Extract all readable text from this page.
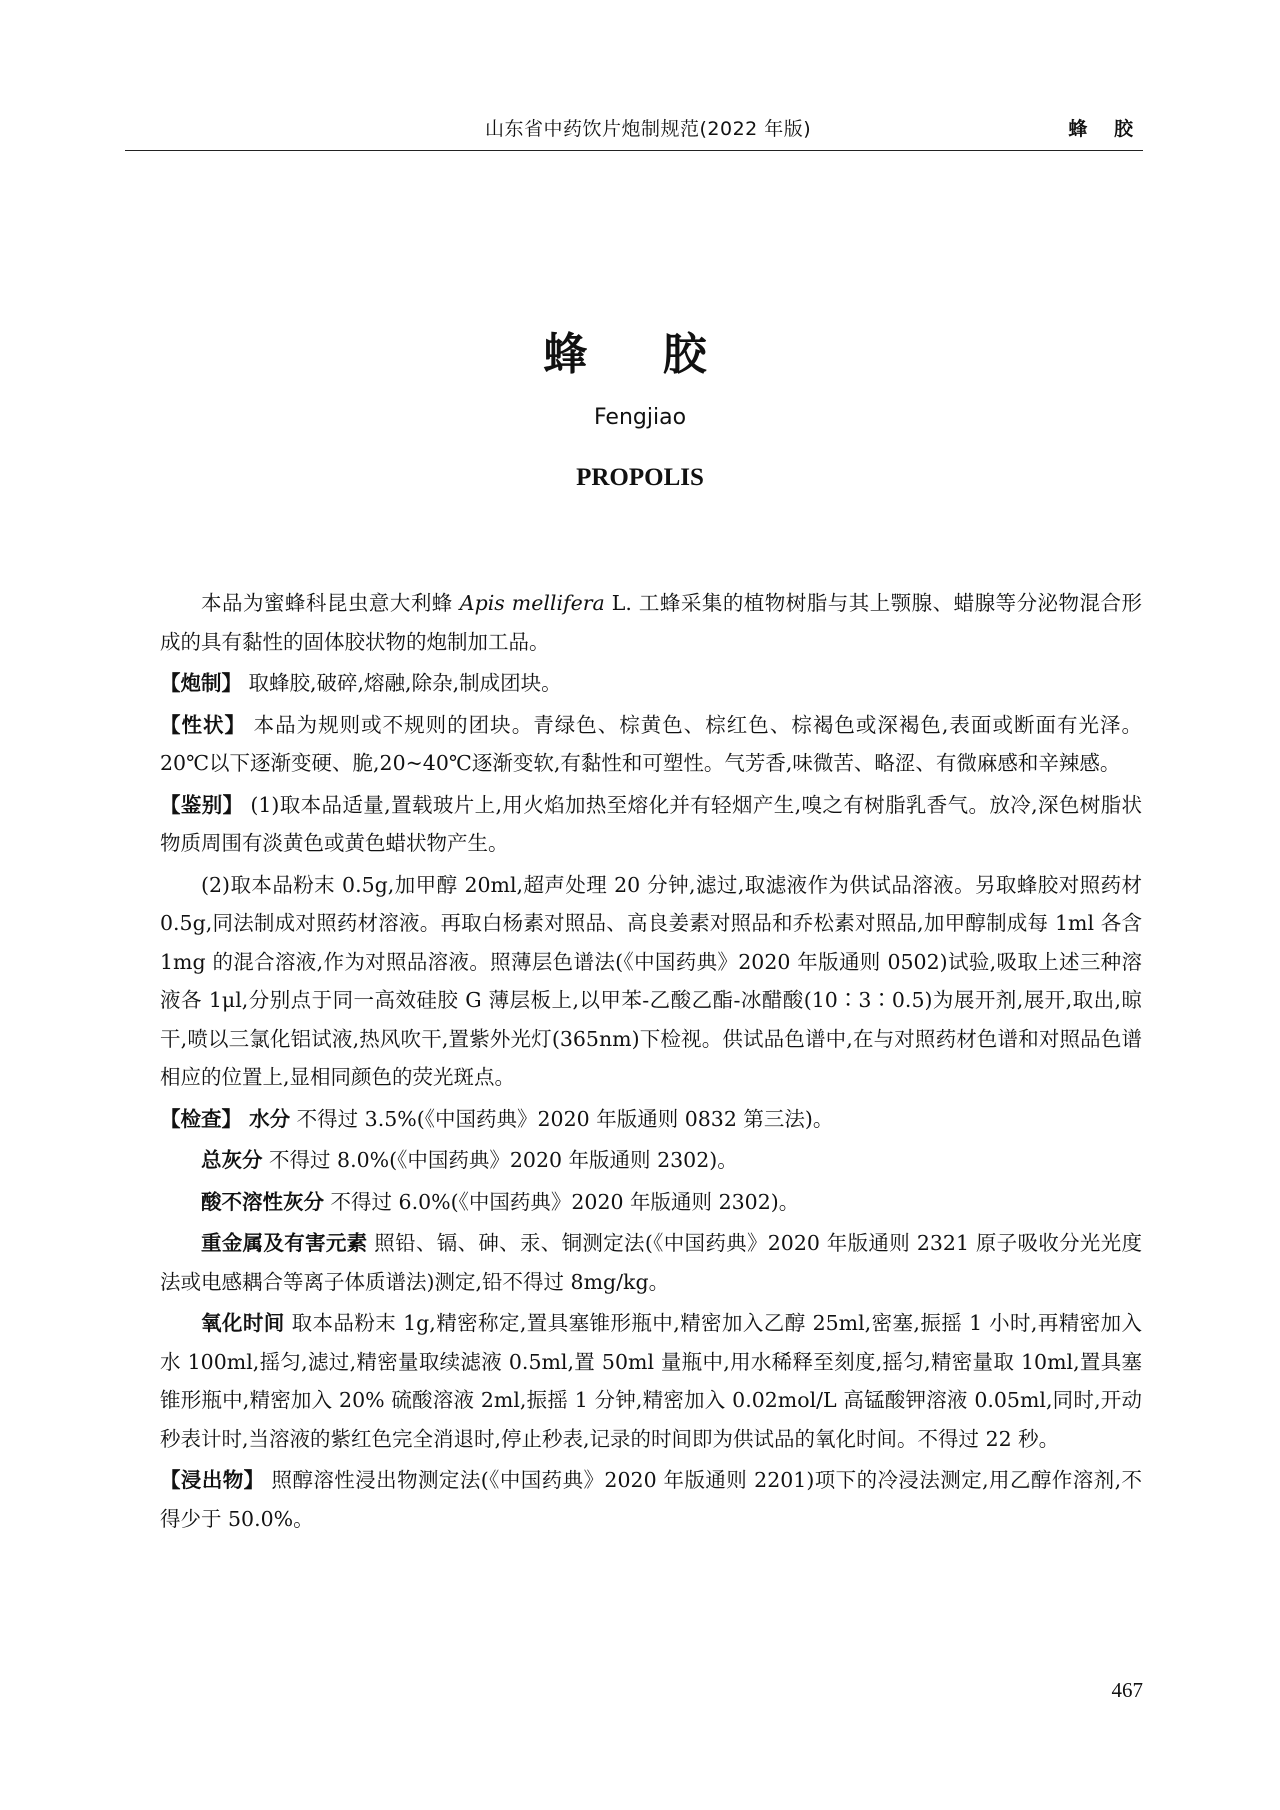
山东省中药饮片炮制规范(2022 年版)	蜂 胶
蜂 胶
Fengjiao
PROPOLIS

本品为蜜蜂科昆虫意大利蜂 Apis mellifera L. 工蜂采集的植物树脂与其上颚腺、蜡腺等分泌物混合形成的具有黏性的固体胶状物的炮制加工品。

【炮制】 取蜂胶,破碎,熔融,除杂,制成团块。

【性状】 本品为规则或不规则的团块。青绿色、棕黄色、棕红色、棕褐色或深褐色,表面或断面有光泽。20℃以下逐渐变硬、脆,20~40℃逐渐变软,有黏性和可塑性。气芳香,味微苦、略涩、有微麻感和辛辣感。

【鉴别】 (1)取本品适量,置载玻片上,用火焰加热至熔化并有轻烟产生,嗅之有树脂乳香气。放冷,深色树脂状物质周围有淡黄色或黄色蜡状物产生。

(2)取本品粉末 0.5g,加甲醇 20ml,超声处理 20 分钟,滤过,取滤液作为供试品溶液。另取蜂胶对照药材 0.5g,同法制成对照药材溶液。再取白杨素对照品、高良姜素对照品和乔松素对照品,加甲醇制成每 1ml 各含 1mg 的混合溶液,作为对照品溶液。照薄层色谱法(《中国药典》2020 年版通则 0502)试验,吸取上述三种溶液各 1μl,分别点于同一高效硅胶 G 薄层板上,以甲苯-乙酸乙酯-冰醋酸(10∶3∶0.5)为展开剂,展开,取出,晾干,喷以三氯化铝试液,热风吹干,置紫外光灯(365nm)下检视。供试品色谱中,在与对照药材色谱和对照品色谱相应的位置上,显相同颜色的荧光斑点。

【检查】 水分 不得过 3.5%(《中国药典》2020 年版通则 0832 第三法)。

总灰分 不得过 8.0%(《中国药典》2020 年版通则 2302)。

酸不溶性灰分 不得过 6.0%(《中国药典》2020 年版通则 2302)。

重金属及有害元素 照铅、镉、砷、汞、铜测定法(《中国药典》2020 年版通则 2321 原子吸收分光光度法或电感耦合等离子体质谱法)测定,铅不得过 8mg/kg。

氧化时间 取本品粉末 1g,精密称定,置具塞锥形瓶中,精密加入乙醇 25ml,密塞,振摇 1 小时,再精密加入水 100ml,摇匀,滤过,精密量取续滤液 0.5ml,置 50ml 量瓶中,用水稀释至刻度,摇匀,精密量取 10ml,置具塞锥形瓶中,精密加入 20% 硫酸溶液 2ml,振摇 1 分钟,精密加入 0.02mol/L 高锰酸钾溶液 0.05ml,同时,开动秒表计时,当溶液的紫红色完全消退时,停止秒表,记录的时间即为供试品的氧化时间。不得过 22 秒。

【浸出物】 照醇溶性浸出物测定法(《中国药典》2020 年版通则 2201)项下的冷浸法测定,用乙醇作溶剂,不得少于 50.0%。

467
